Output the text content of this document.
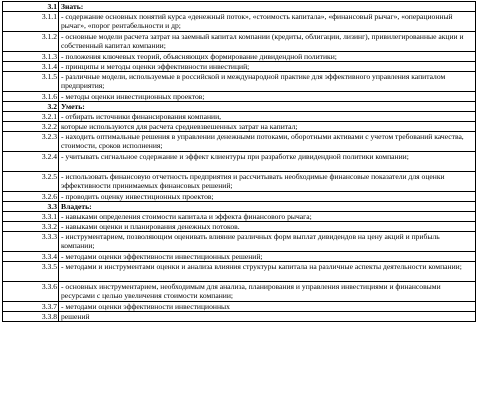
3.1	Знать:
3.1.1	- содержание основных понятий курса «денежный поток», «стоимость капитала», «финансовый рычаг», «операционный рычаг», «порог рентабельности и др;
3.1.2	- основные модели расчета затрат на заемный капитал компании (кредиты, облигации, лизинг), привилегированные акции и собственный капитал компании;
3.1.3	- положения ключевых теорий, объясняющих формирование дивидендной политики;
3.1.4	- принципы и методы оценки эффективности инвестиций;
3.1.5	- различные модели, используемые в российской и международной практике для эффективного управления капиталом предприятия;
3.1.6	- методы оценки инвестиционных проектов;
3.2	Уметь:
3.2.1	- отбирать источники финансирования компании,
3.2.2	которые используются для расчета средневзвешенных затрат на капитал;
3.2.3	- находить оптимальные решения в управлении денежными потоками, оборотными активами с учетом требований качества, стоимости, сроков исполнения;
3.2.4	- учитывать сигнальное содержание и эффект клиентуры при разработке дивидендной политики компании;
3.2.5	- использовать финансовую отчетность предприятия и рассчитывать необходимые финансовые показатели для оценки эффективности принимаемых финансовых решений;
3.2.6	- проводить оценку инвестиционных проектов;
3.3	Владеть:
3.3.1	- навыками определения стоимости капитала и эффекта финансового рычага;
3.3.2	- навыками оценки и планирования денежных потоков.
3.3.3	- инструментарием, позволяющим оценивать влияние различных форм выплат дивидендов на цену акций и прибыль компании;
3.3.4	- методами оценки эффективности инвестиционных решений;
3.3.5	- методами и инструментами оценки и анализа влияния структуры капитала на различные аспекты деятельности компании;
3.3.6	- основных инструментарием, необходимым для анализа, планирования и управления инвестициями и финансовыми ресурсами с целью увеличения стоимости компании;
3.3.7	- методами оценки эффективности инвестиционных
3.3.8	решений
